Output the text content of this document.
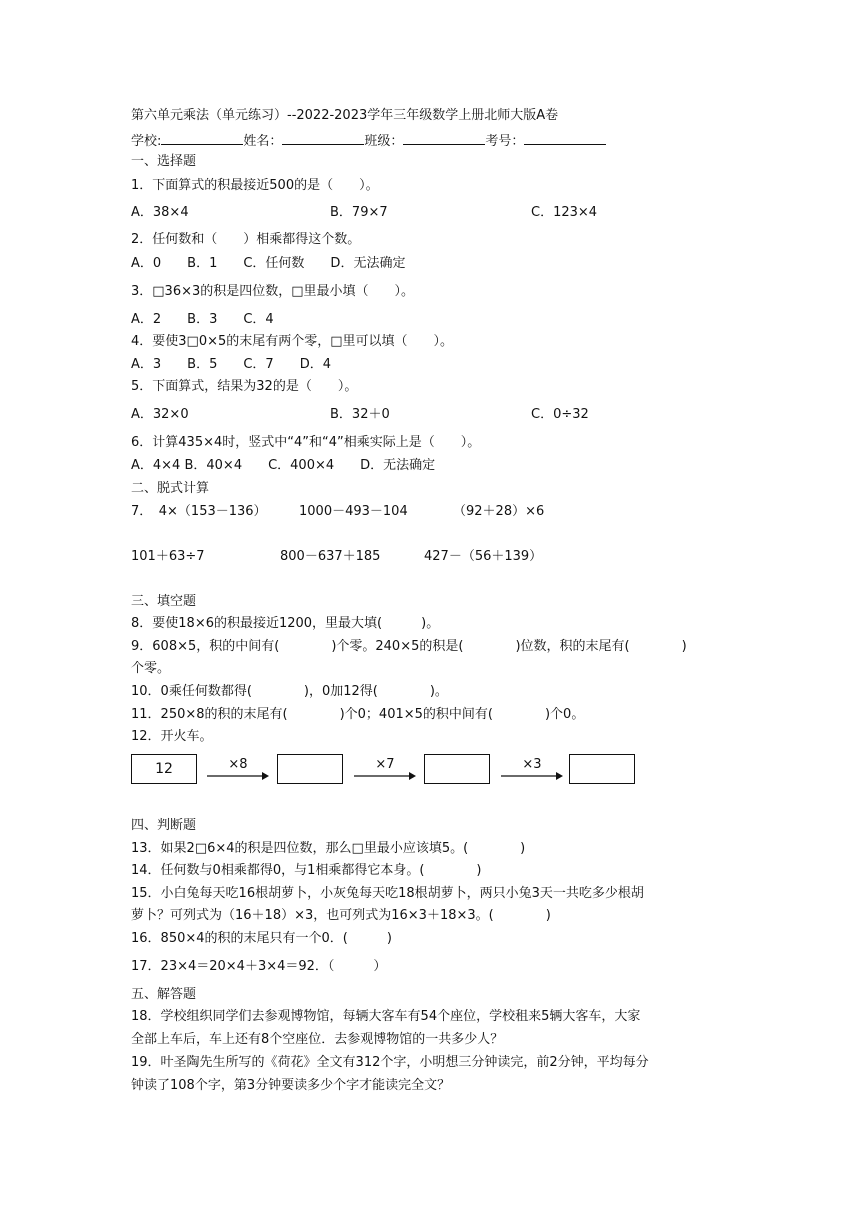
第六单元乘法（单元练习）--2022-2023学年三年级数学上册北师大版A卷
学校:	姓名：	班级：	考号：
一、选择题
1．下面算式的积最接近500的是（　　）。
A．38×4	B．79×7	C．123×4
2．任何数和（　　）相乘都得这个数。
A．0　　B．1　　C．任何数　　D．无法确定
3．□36×3的积是四位数，□里最小填（　　）。
A．2　　B．3　　C．4
4．要使3□0×5的末尾有两个零，□里可以填（　　）。
A．3　　B．5　　C．7　　D．4
5．下面算式，结果为32的是（　　）。
A．32×0	B．32＋0	C．0÷32
6．计算435×4时，竖式中“4”和“4”相乘实际上是（　　）。
A．4×4 B．40×4　　C．400×4　　D．无法确定
二、脱式计算
7．　4×（153－136） 1000－493－104	（92＋28）×6
101＋63÷7	800－637＋185	427－（56＋139）
三、填空题
8．要使18×6的积最接近1200，里最大填(　　　)。
9．608×5，积的中间有(　　　　)个零。240×5的积是(　　　　)位数，积的末尾有(　　　　)
个零。
10．0乘任何数都得(　　　　)，0加12得(　　　　)。
11．250×8的积的末尾有(　　　　)个0；401×5的积中间有(　　　　)个0。
12．开火车。
12	×8	×7	×3
四、判断题
13．如果2□6×4的积是四位数，那么□里最小应该填5。(　　　　)
14．任何数与0相乘都得0，与1相乘都得它本身。(　　　　)
15．小白兔每天吃16根胡萝卜，小灰兔每天吃18根胡萝卜，两只小兔3天一共吃多少根胡
萝卜？可列式为（16＋18）×3，也可列式为16×3＋18×3。(　　　　)
16．850×4的积的末尾只有一个0．(　　　)
17．23×4＝20×4＋3×4＝92．（　　　）
五、解答题
18．学校组织同学们去参观博物馆，每辆大客车有54个座位，学校租来5辆大客车，大家
全部上车后，车上还有8个空座位．去参观博物馆的一共多少人？
19．叶圣陶先生所写的《荷花》全文有312个字，小明想三分钟读完，前2分钟，平均每分
钟读了108个字，第3分钟要读多少个字才能读完全文？
